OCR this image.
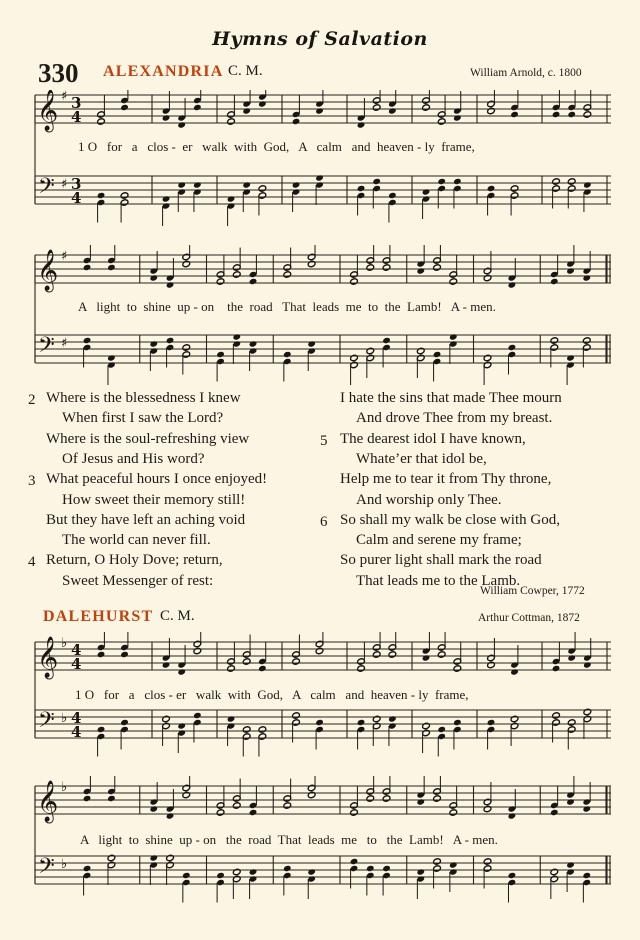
Hymns of Salvation
330 ALEXANDRIA C. M.	William Arnold, c. 1800
𝄞 ♯ 3
4
𝄢 ♯ 3
4
1 O   for   a   clos -  er   walk  with  God,   A   calm   and  heaven - ly  frame,
𝄞 ♯
𝄢 ♯
A   light  to  shine  up - on    the  road   That  leads  me  to  the  Lamb!   A - men.
2 Where is the blessedness I knew
When first I saw the Lord?
Where is the soul-refreshing view
Of Jesus and His word?
3 What peaceful hours I once enjoyed!
How sweet their memory still!
But they have left an aching void
The world can never fill.
4 Return, O Holy Dove; return,
Sweet Messenger of rest:
I hate the sins that made Thee mourn
And drove Thee from my breast.
5 The dearest idol I have known,
Whate’er that idol be,
Help me to tear it from Thy throne,
And worship only Thee.
6 So shall my walk be close with God,
Calm and serene my frame;
So purer light shall mark the road
That leads me to the Lamb.
William Cowper, 1772
DALEHURST C. M.	Arthur Cottman, 1872
𝄞 ♭ 4
4
𝄢 ♭ 4
4
1 O   for   a   clos - er   walk  with  God,   A   calm   and  heaven - ly  frame,
𝄞 ♭
𝄢 ♭
A   light  to  shine  up - on   the  road  That  leads  me   to   the  Lamb!   A - men.
